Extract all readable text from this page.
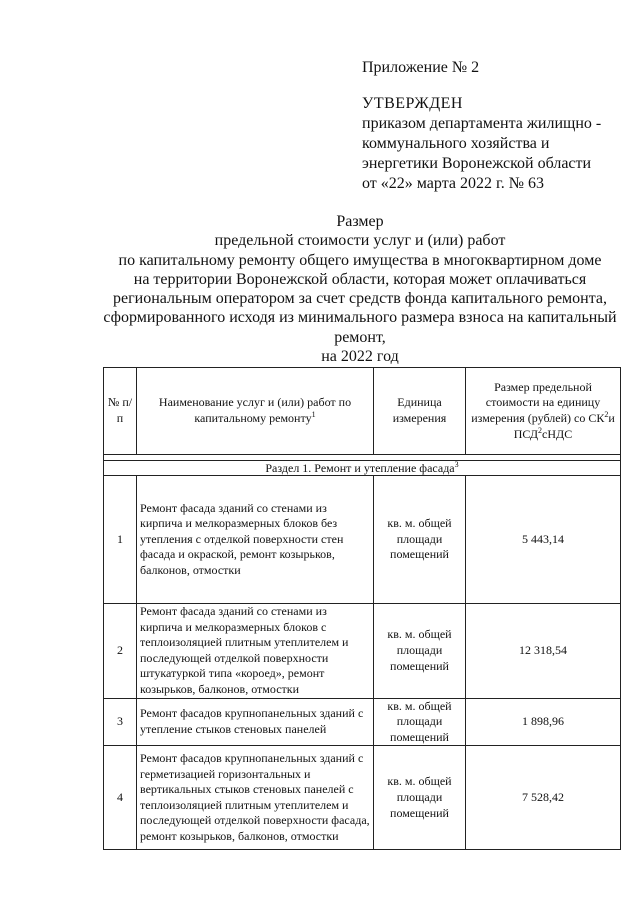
Приложение № 2
УТВЕРЖДЕН
приказом департамента жилищно -
коммунального хозяйства и
энергетики Воронежской области
от «22» марта 2022 г. № 63
Размер
предельной стоимости услуг и (или) работ
по капитальному ремонту общего имущества в многоквартирном доме
на территории Воронежской области, которая может оплачиваться
региональным оператором за счет средств фонда капитального ремонта,
сформированного исходя из минимального размера взноса на капитальный
ремонт,
на 2022 год
№ п/п	Наименование услуг и (или) работ по капитальному ремонту$^1$	Единица измерения	Размер предельной стоимости на единицу измерения (рублей) со $СК^2и$ ПСД$^2$сНДС

Раздел 1. Ремонт и утепление фасада$^3$
1	Ремонт фасада зданий со стенами из кирпича и мелкоразмерных блоков без утепления с отделкой поверхности стен фасада и окраской, ремонт козырьков, балконов, отмостки	кв. м. общей площади помещений	5 443,14
2	Ремонт фасада зданий со стенами из кирпича и мелкоразмерных блоков с теплоизоляцией плитным утеплителем и последующей отделкой поверхности штукатуркой типа «короед», ремонт козырьков, балконов, отмостки	кв. м. общей площади помещений	12 318,54
3	Ремонт фасадов крупнопанельных зданий с утепление стыков стеновых панелей	кв. м. общей площади помещений	1 898,96
4	Ремонт фасадов крупнопанельных зданий с герметизацией горизонтальных и вертикальных стыков стеновых панелей с теплоизоляцией плитным утеплителем и последующей отделкой поверхности фасада, ремонт козырьков, балконов, отмостки	кв. м. общей площади помещений	7 528,42
